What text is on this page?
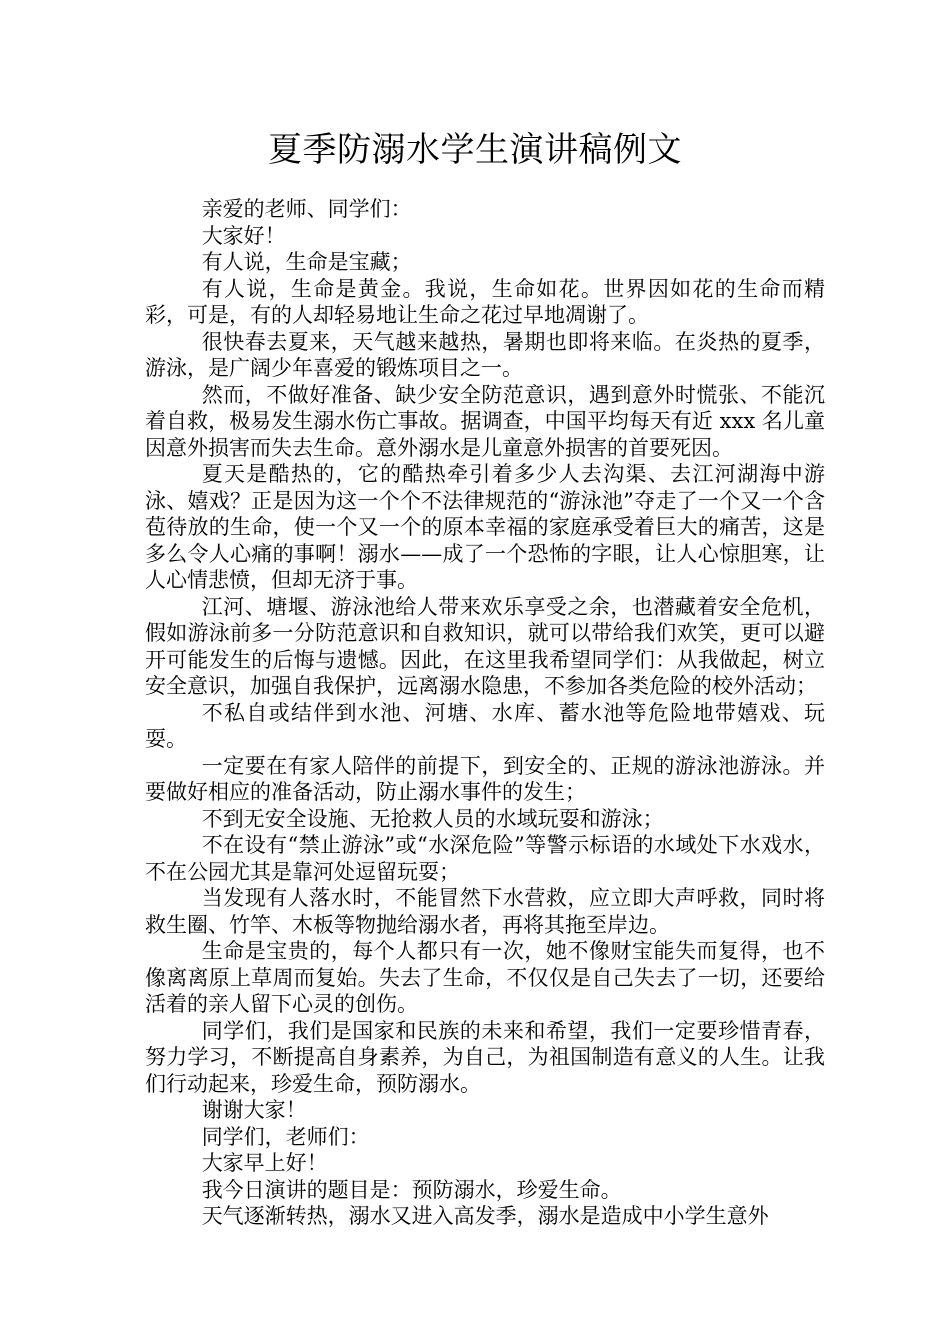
夏季防溺水学生演讲稿例文

亲爱的老师、同学们：

大家好！

有人说，生命是宝藏；

有人说，生命是黄金。我说，生命如花。世界因如花的生命而精彩，可是，有的人却轻易地让生命之花过早地凋谢了。

很快春去夏来，天气越来越热，暑期也即将来临。在炎热的夏季，游泳，是广阔少年喜爱的锻炼项目之一。

然而，不做好准备、缺少安全防范意识，遇到意外时慌张、不能沉着自救，极易发生溺水伤亡事故。据调查，中国平均每天有近 xxx 名儿童因意外损害而失去生命。意外溺水是儿童意外损害的首要死因。

夏天是酷热的，它的酷热牵引着多少人去沟渠、去江河湖海中游泳、嬉戏？正是因为这一个个不法律规范的“游泳池”夺走了一个又一个含苞待放的生命，使一个又一个的原本幸福的家庭承受着巨大的痛苦，这是多么令人心痛的事啊！溺水——成了一个恐怖的字眼，让人心惊胆寒，让人心情悲愤，但却无济于事。

江河、塘堰、游泳池给人带来欢乐享受之余，也潜藏着安全危机，假如游泳前多一分防范意识和自救知识，就可以带给我们欢笑，更可以避开可能发生的后悔与遗憾。因此，在这里我希望同学们：从我做起，树立安全意识，加强自我保护，远离溺水隐患，不参加各类危险的校外活动；

不私自或结伴到水池、河塘、水库、蓄水池等危险地带嬉戏、玩耍。

一定要在有家人陪伴的前提下，到安全的、正规的游泳池游泳。并要做好相应的准备活动，防止溺水事件的发生；

不到无安全设施、无抢救人员的水域玩耍和游泳；

不在设有“禁止游泳”或“水深危险”等警示标语的水域处下水戏水，不在公园尤其是靠河处逗留玩耍；

当发现有人落水时，不能冒然下水营救，应立即大声呼救，同时将救生圈、竹竿、木板等物抛给溺水者，再将其拖至岸边。

生命是宝贵的，每个人都只有一次，她不像财宝能失而复得，也不像离离原上草周而复始。失去了生命，不仅仅是自己失去了一切，还要给活着的亲人留下心灵的创伤。

同学们，我们是国家和民族的未来和希望，我们一定要珍惜青春，努力学习，不断提高自身素养，为自己，为祖国制造有意义的人生。让我们行动起来，珍爱生命，预防溺水。

谢谢大家！

同学们，老师们：

大家早上好！

我今日演讲的题目是：预防溺水，珍爱生命。

天气逐渐转热，溺水又进入高发季，溺水是造成中小学生意外
